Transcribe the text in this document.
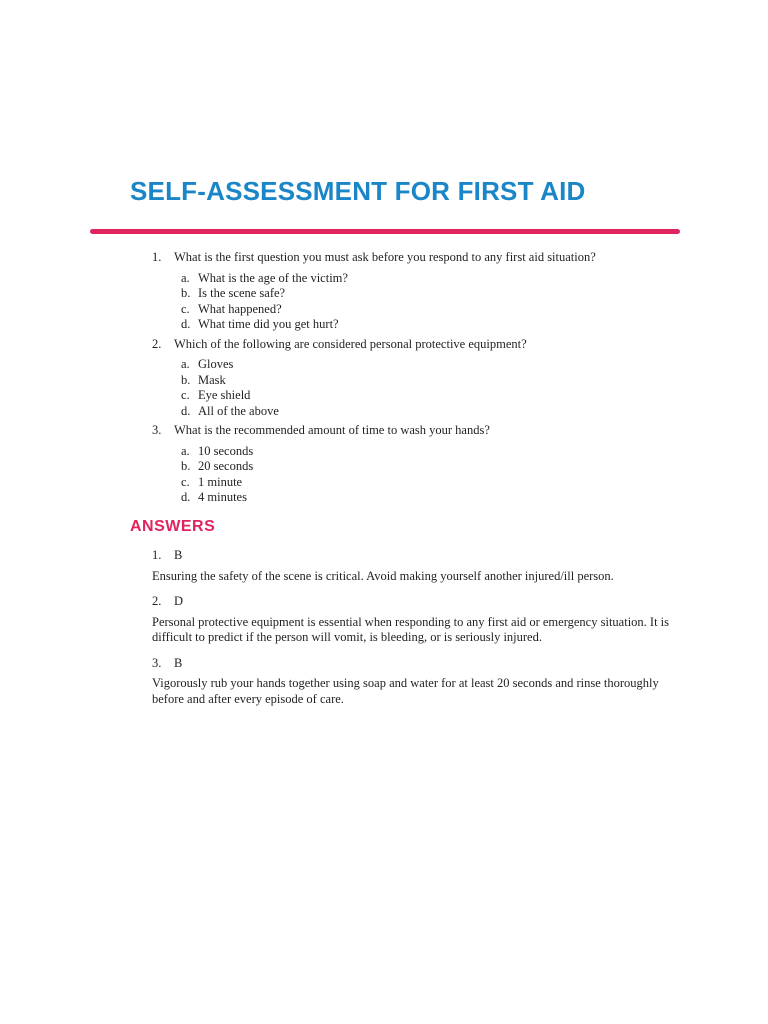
SELF-ASSESSMENT FOR FIRST AID
1.	What is the first question you must ask before you respond to any first aid situation?
a. What is the age of the victim?
b. Is the scene safe?
c. What happened?
d. What time did you get hurt?
2.	Which of the following are considered personal protective equipment?
a. Gloves
b. Mask
c. Eye shield
d. All of the above
3.	What is the recommended amount of time to wash your hands?
a. 10 seconds
b. 20 seconds
c. 1 minute
d. 4 minutes
ANSWERS
1.	B
Ensuring the safety of the scene is critical. Avoid making yourself another injured/ill person.
2.	D
Personal protective equipment is essential when responding to any first aid or emergency situation. It is difficult to predict if the person will vomit, is bleeding, or is seriously injured.
3.	B
Vigorously rub your hands together using soap and water for at least 20 seconds and rinse thoroughly before and after every episode of care.
